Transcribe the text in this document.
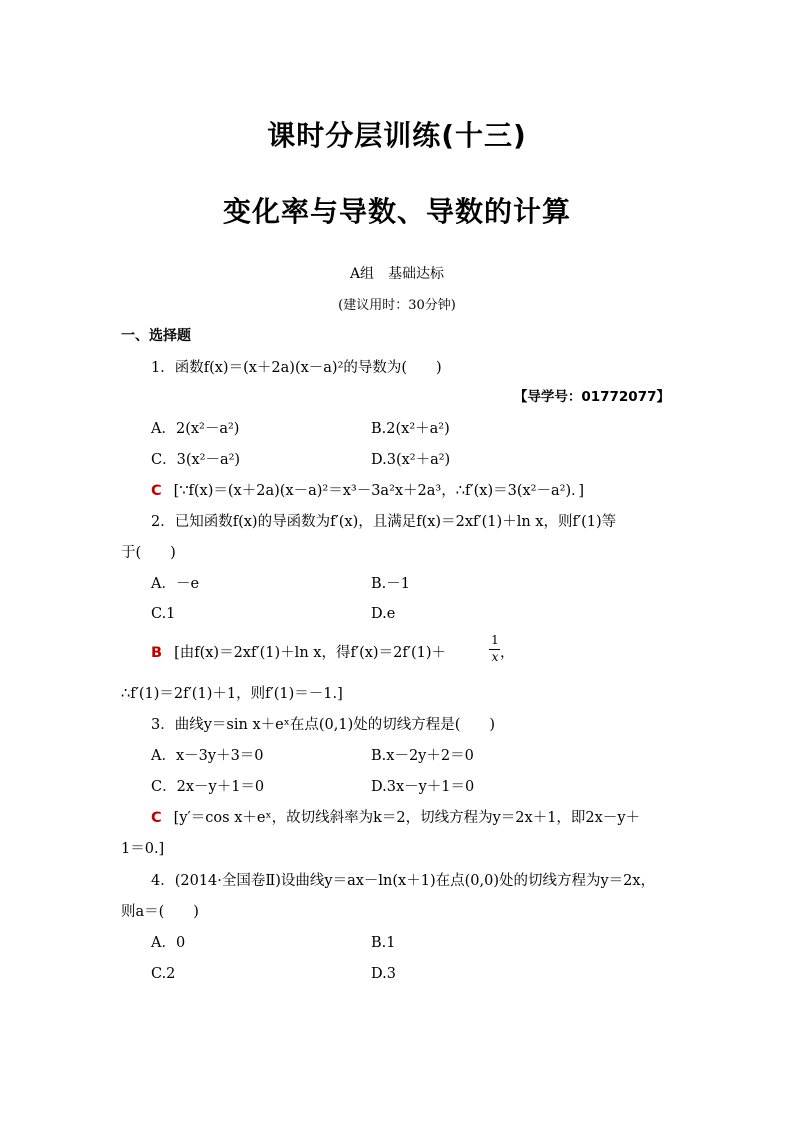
课时分层训练(十三)
变化率与导数、导数的计算
A组　基础达标
(建议用时：30分钟)
一、选择题
1．函数f(x)＝(x＋2a)(x－a)²的导数为(　　)
【导学号：01772077】
A．2(x²－a²)	B.2(x²＋a²)
C．3(x²－a²)	D.3(x²＋a²)
C [∵f(x)＝(x＋2a)(x－a)²＝x³－3a²x＋2a³，∴f′(x)＝3(x²－a²)．]
2．已知函数f(x)的导函数为f′(x)，且满足f(x)＝2xf′(1)＋ln x，则f′(1)等
于(　　)
A．－e	B.－1
C.1	D.e
B [由f(x)＝2xf′(1)＋ln x，得f′(x)＝2f′(1)＋
1
x ，
∴f′(1)＝2f′(1)＋1，则f′(1)＝－1.]
3．曲线y＝sin x＋eˣ在点(0,1)处的切线方程是(　　)
A．x－3y＋3＝0	B.x－2y＋2＝0
C．2x－y＋1＝0	D.3x－y＋1＝0
C [y′＝cos x＋eˣ，故切线斜率为k＝2，切线方程为y＝2x＋1，即2x－y＋
1＝0.]
4．(2014·全国卷Ⅱ)设曲线y＝ax－ln(x＋1)在点(0,0)处的切线方程为y＝2x，
则a＝(　　)
A．0	B.1
C.2	D.3
